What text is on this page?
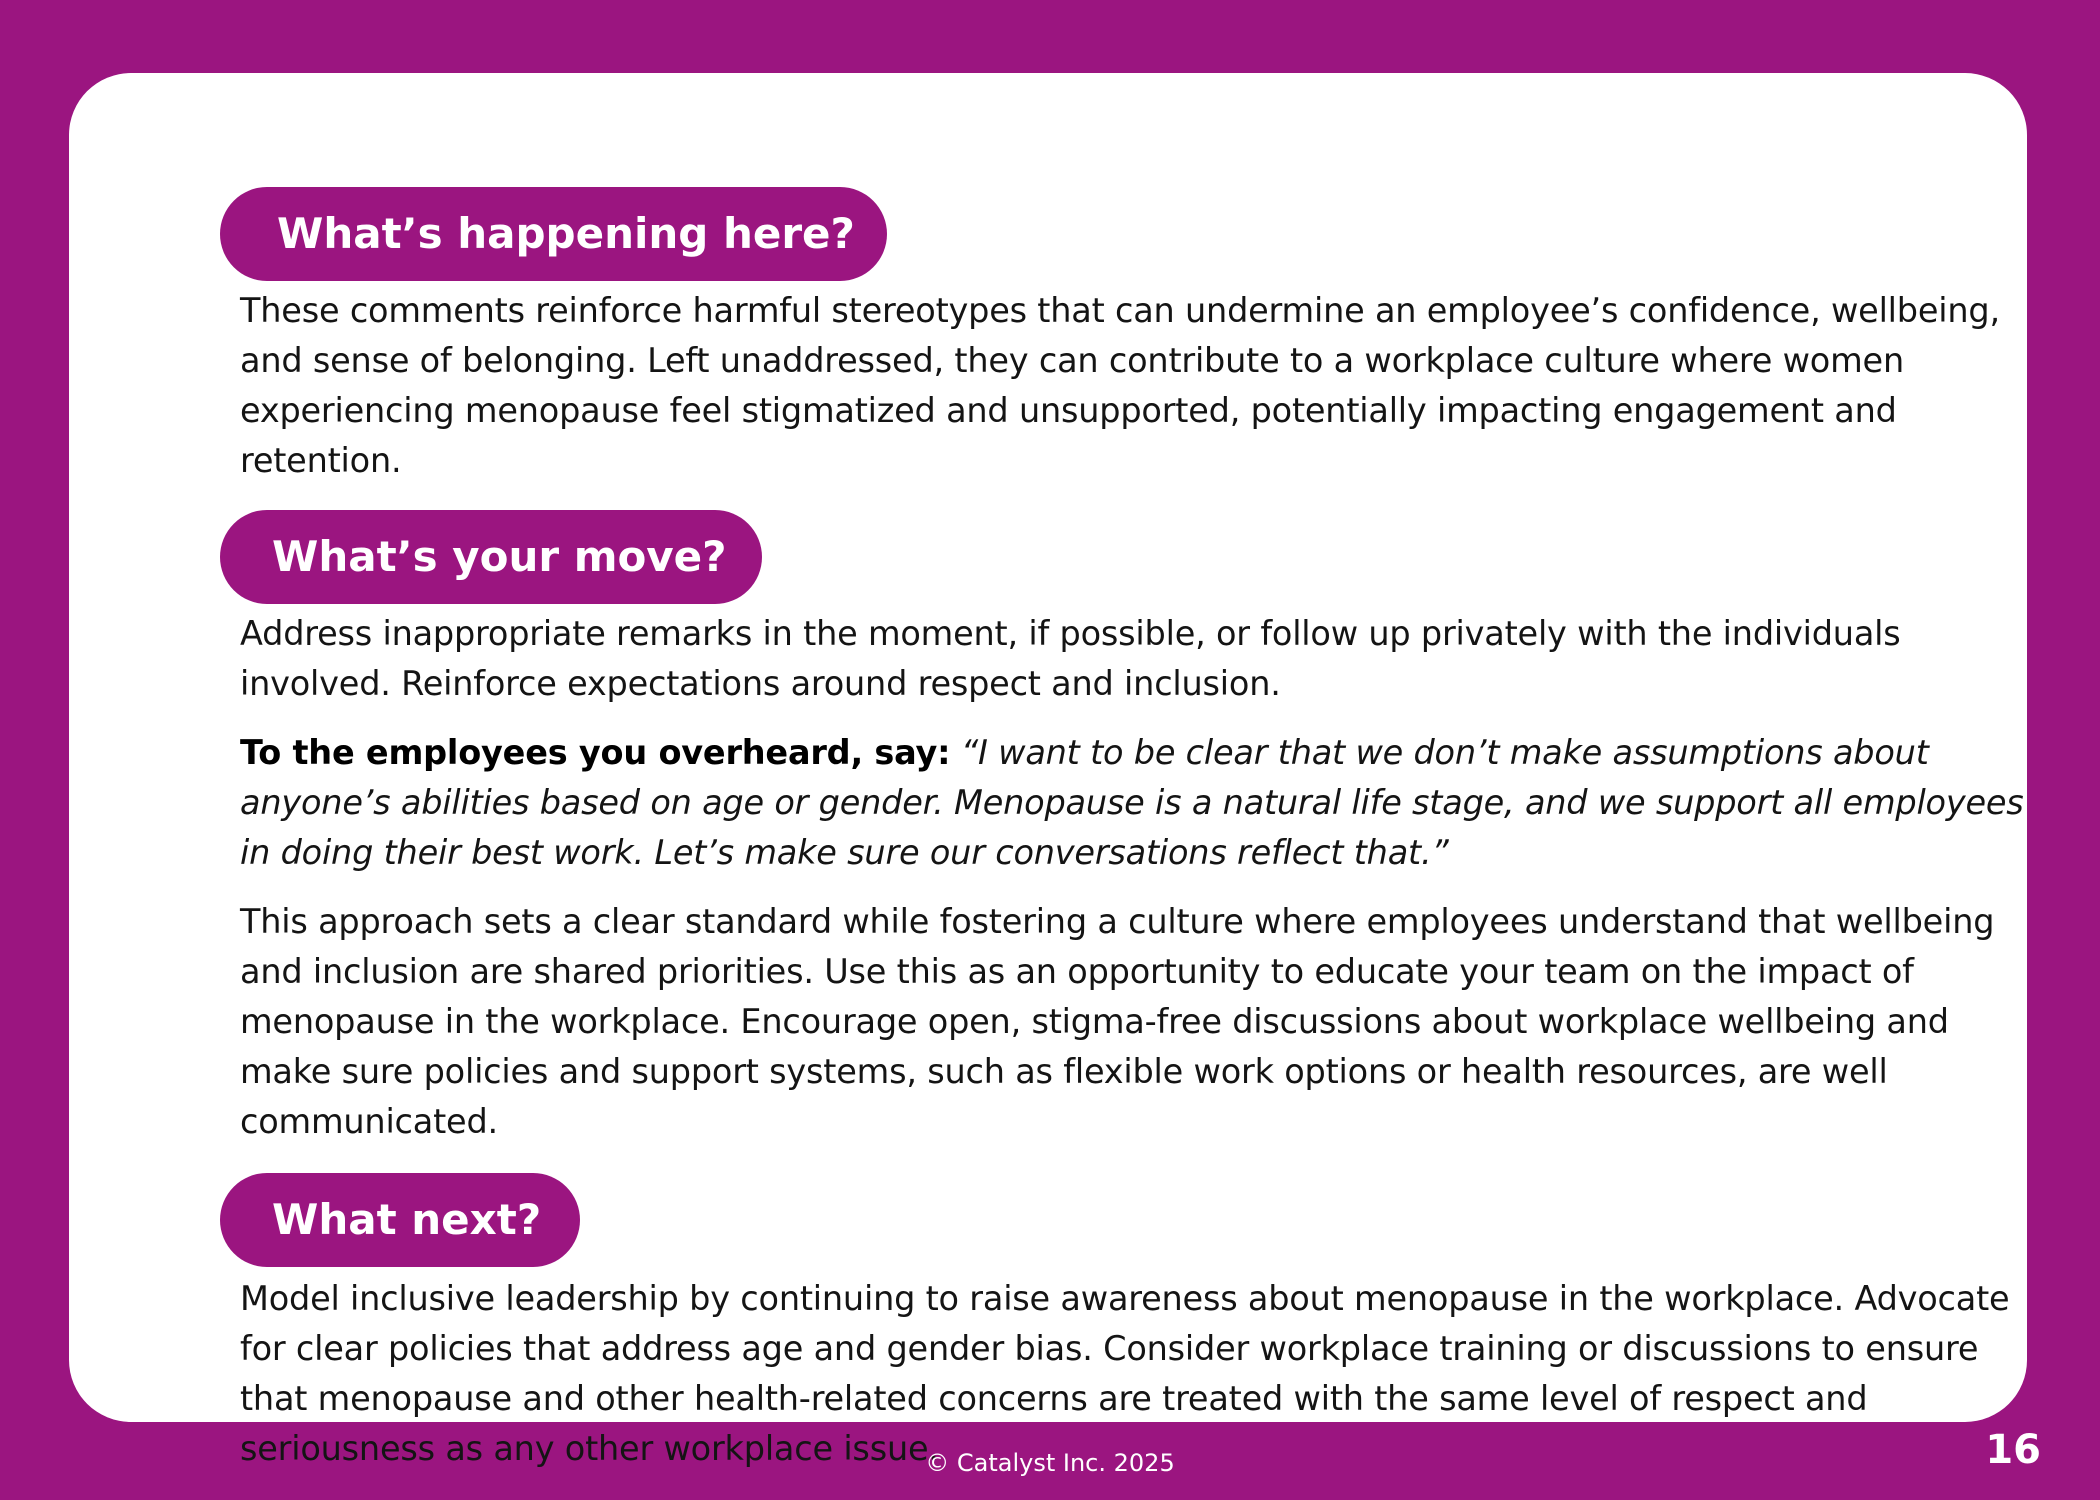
What’s happening here?

These comments reinforce harmful stereotypes that can undermine an employee’s confidence, wellbeing, and sense of belonging. Left unaddressed, they can contribute to a workplace culture where women experiencing menopause feel stigmatized and unsupported, potentially impacting engagement and retention.

What’s your move?

Address inappropriate remarks in the moment, if possible, or follow up privately with the individuals involved. Reinforce expectations around respect and inclusion.

To the employees you overheard, say: “I want to be clear that we don’t make assumptions about anyone’s abilities based on age or gender. Menopause is a natural life stage, and we support all employees in doing their best work. Let’s make sure our conversations reflect that.”

This approach sets a clear standard while fostering a culture where employees understand that wellbeing and inclusion are shared priorities. Use this as an opportunity to educate your team on the impact of menopause in the workplace. Encourage open, stigma-free discussions about workplace wellbeing and make sure policies and support systems, such as flexible work options or health resources, are well communicated.

What next?

Model inclusive leadership by continuing to raise awareness about menopause in the workplace. Advocate for clear policies that address age and gender bias. Consider workplace training or discussions to ensure that menopause and other health-related concerns are treated with the same level of respect and seriousness as any other workplace issue.

© Catalyst Inc. 2025	16
